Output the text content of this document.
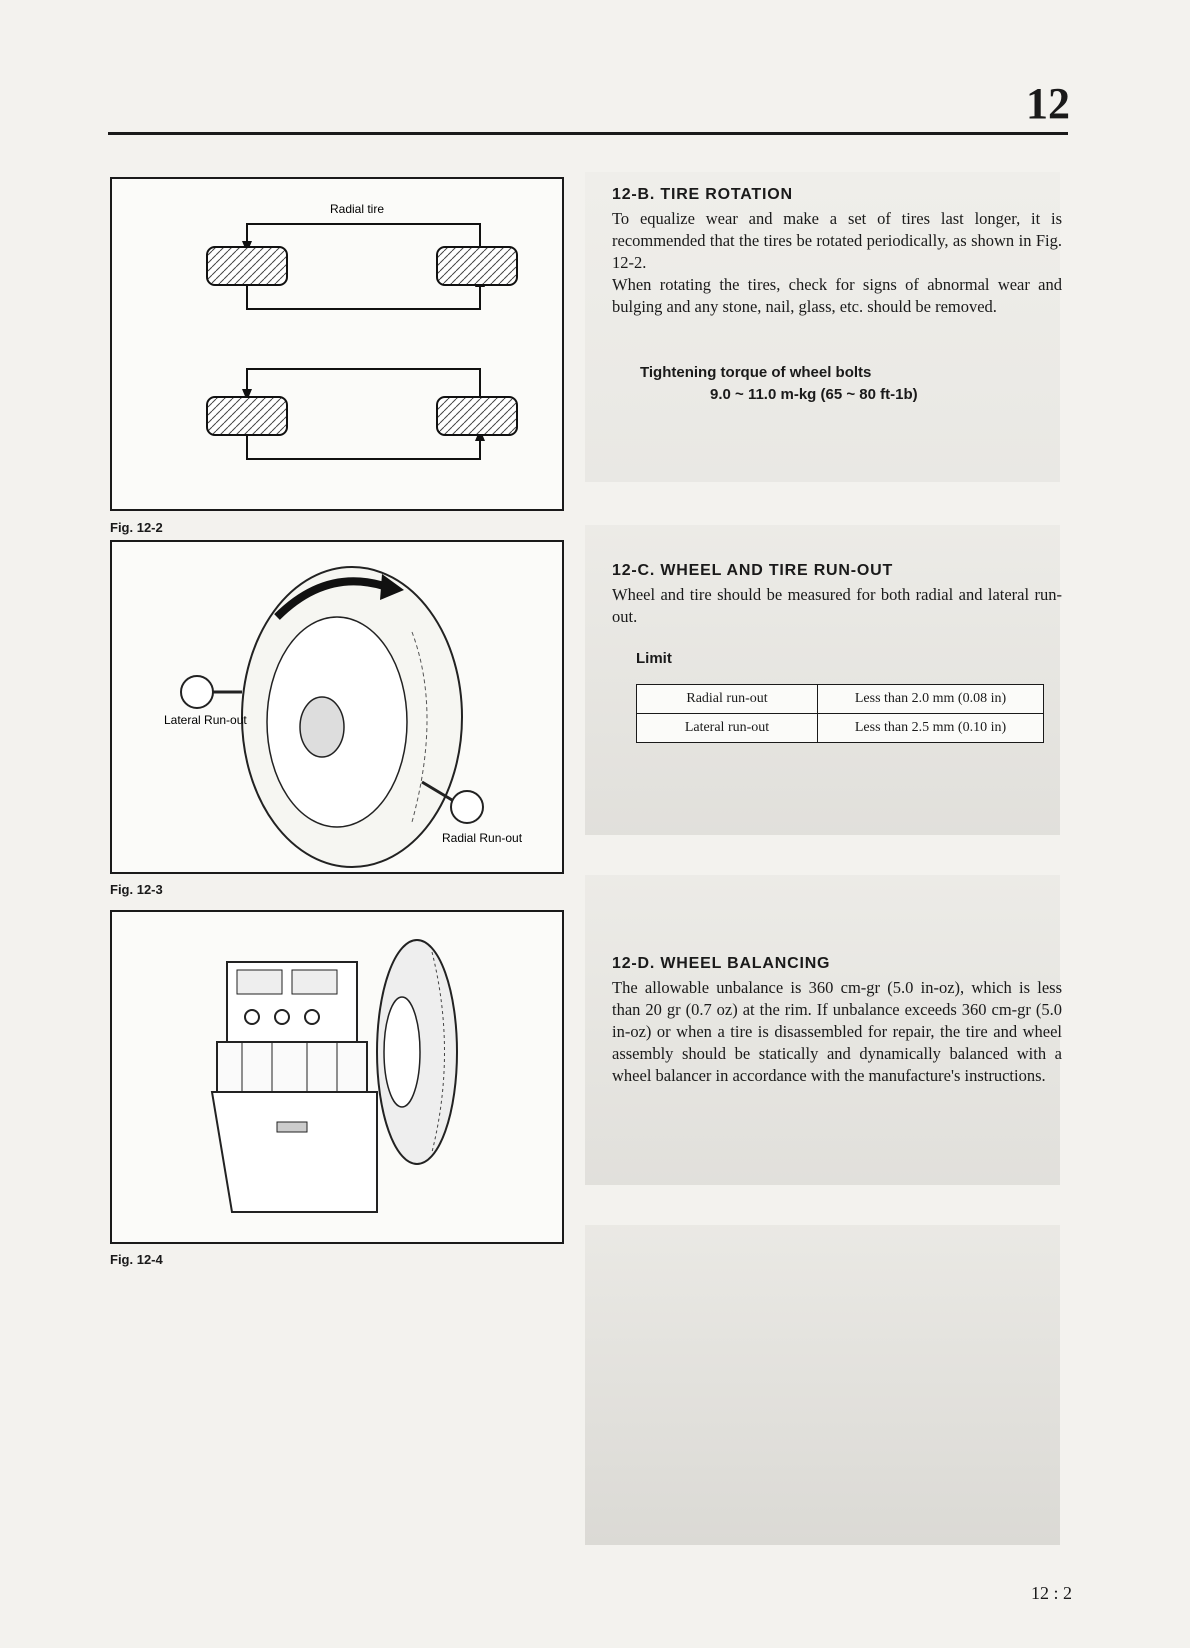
12
Radial tire
Fig. 12-2
Lateral Run-out
Radial Run-out
Fig. 12-3
Fig. 12-4
12-B. TIRE ROTATION
To equalize wear and make a set of tires last longer, it is recommended that the tires be rotated periodically, as shown in Fig. 12-2.
When rotating the tires, check for signs of abnormal wear and bulging and any stone, nail, glass, etc. should be removed.
Tightening torque of wheel bolts
9.0 ~ 11.0 m-kg (65 ~ 80 ft-1b)
12-C. WHEEL AND TIRE RUN-OUT
Wheel and tire should be measured for both radial and lateral run-out.
Limit
Radial run-out	Less than 2.0 mm (0.08 in)
Lateral run-out	Less than 2.5 mm (0.10 in)
12-D. WHEEL BALANCING
The allowable unbalance is 360 cm-gr (5.0 in-oz), which is less than 20 gr (0.7 oz) at the rim. If unbalance exceeds 360 cm-gr (5.0 in-oz) or when a tire is disassembled for repair, the tire and wheel assembly should be statically and dynamically balanced with a wheel balancer in accordance with the manufacture's instructions.
12 : 2
